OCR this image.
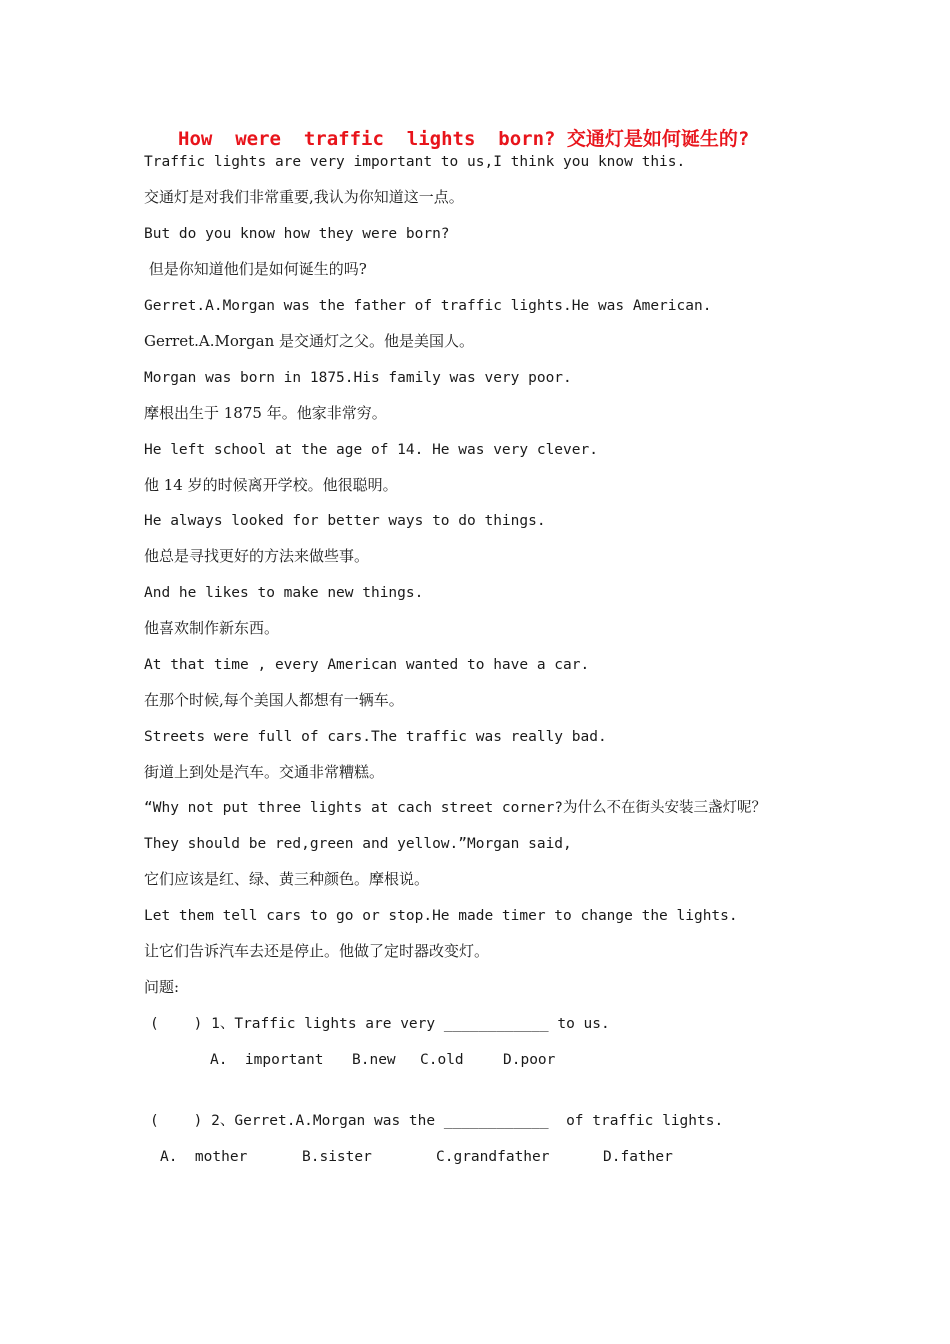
How  were  traffic  lights  born? 交通灯是如何诞生的?
Traffic lights are very important to us,I think you know this.
交通灯是对我们非常重要,我认为你知道这一点。
But do you know how they were born?
但是你知道他们是如何诞生的吗?
Gerret.A.Morgan was the father of traffic lights.He was American.
Gerret.A.Morgan 是交通灯之父。他是美国人。
Morgan was born in 1875.His family was very poor.
摩根出生于 1875 年。他家非常穷。
He left school at the age of 14. He was very clever.
他 14 岁的时候离开学校。他很聪明。
He always looked for better ways to do things.
他总是寻找更好的方法来做些事。
And he likes to make new things.
他喜欢制作新东西。
At that time , every American wanted to have a car.
在那个时候,每个美国人都想有一辆车。
Streets were full of cars.The traffic was really bad.
街道上到处是汽车。交通非常糟糕。
“Why not put three lights at cach street corner?为什么不在街头安装三盏灯呢？
They should be red,green and yellow.”Morgan said,
它们应该是红、绿、黄三种颜色。摩根说。
Let them tell cars to go or stop.He made timer to change the lights.
让它们告诉汽车去还是停止。他做了定时器改变灯。
问题:
(    ) 1、Traffic lights are very ____________ to us.
A.  important B.new C.old	D.poor
(    ) 2、Gerret.A.Morgan was the ____________  of traffic lights.
A.  mother	B.sister	C.grandfather	D.father
